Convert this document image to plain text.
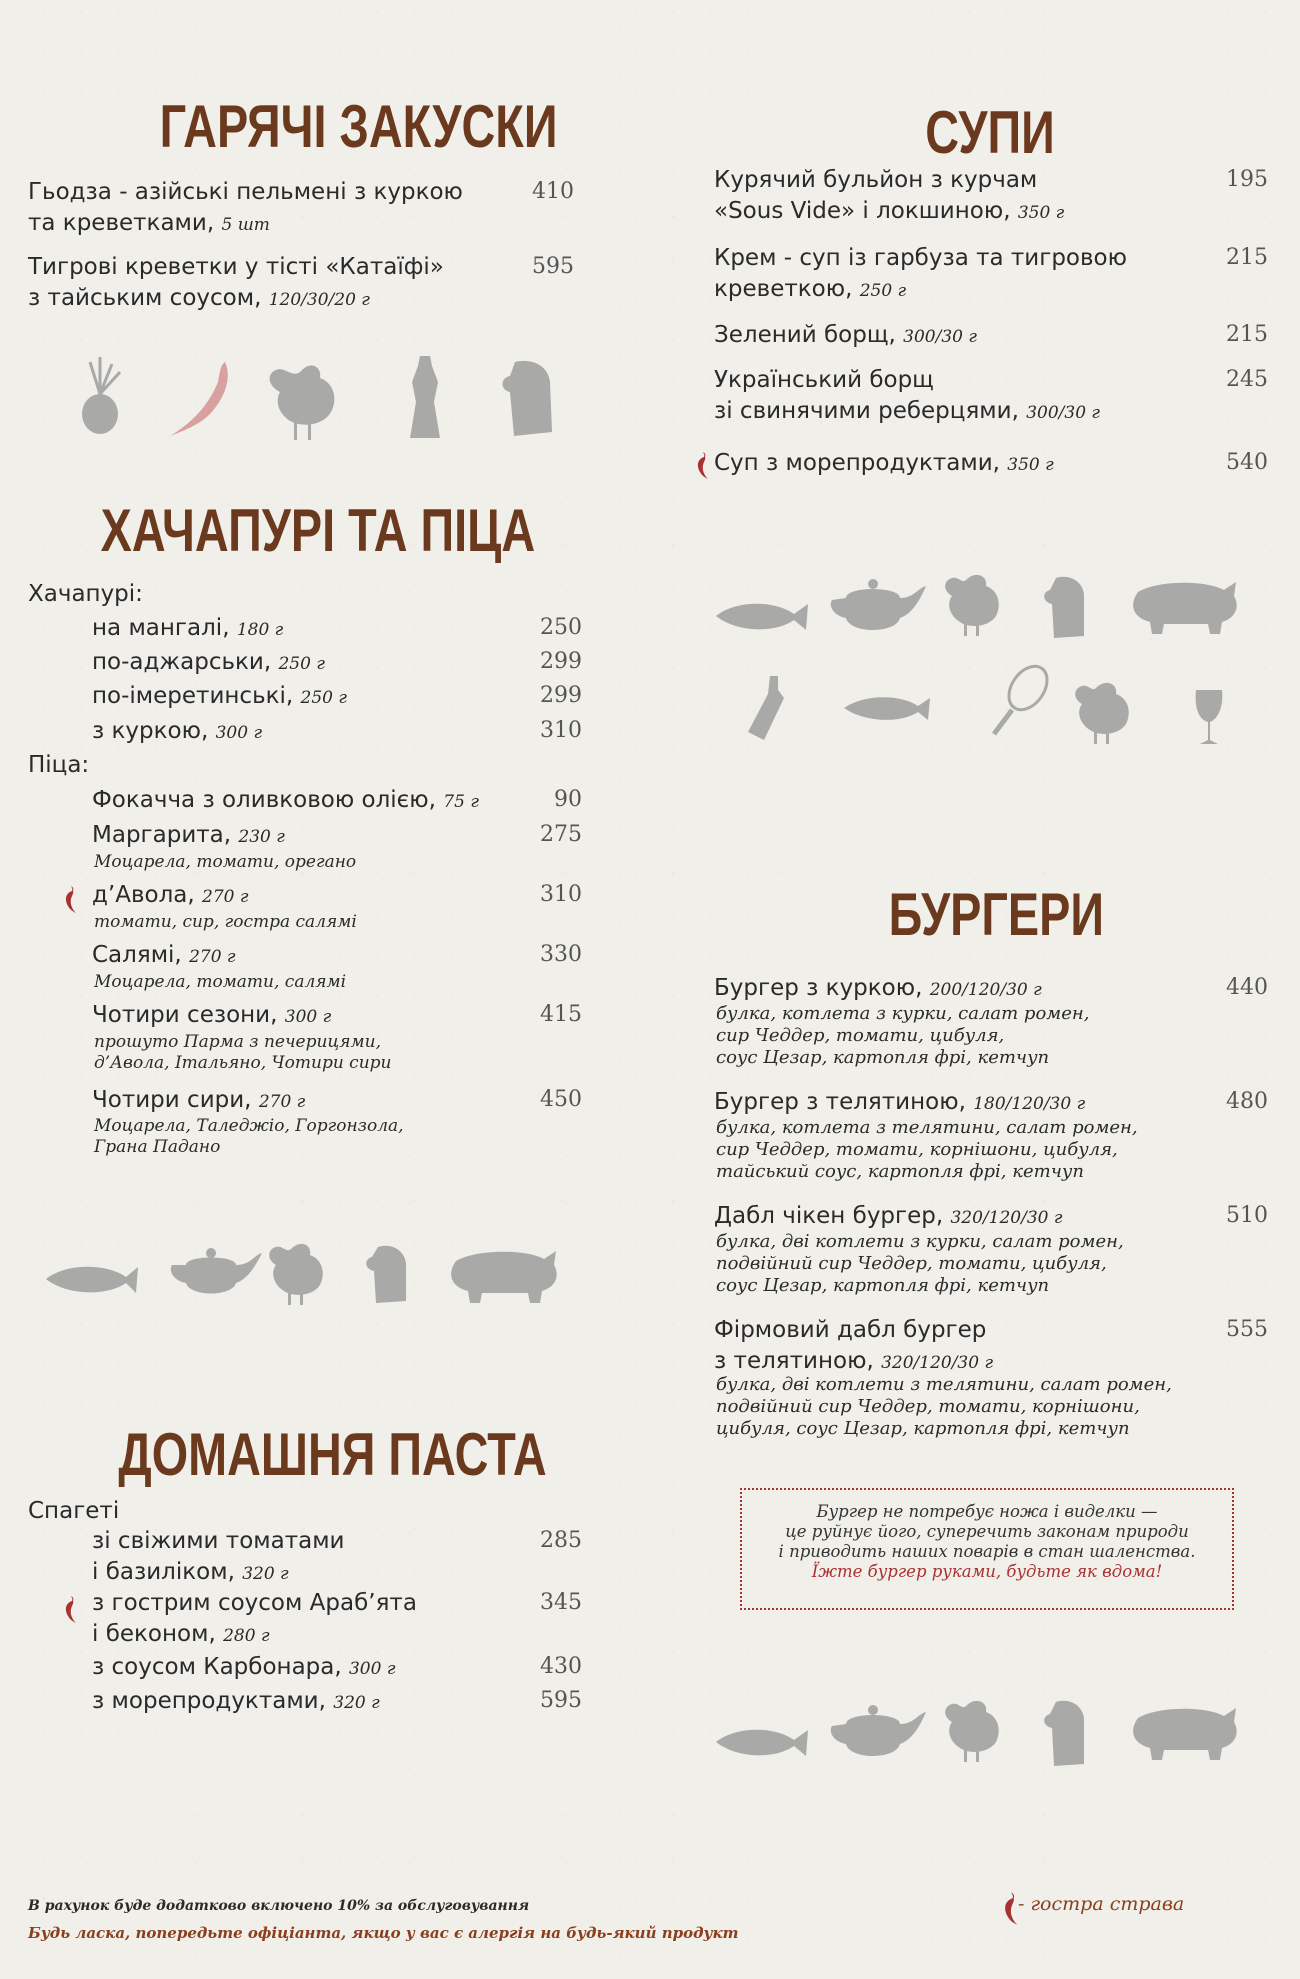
ГАРЯЧІ ЗАКУСКИ
Гьодза - азійські пельмені з куркою
та креветками, 5 шт
410
Тигрові креветки у тісті «Катаїфі»
з тайським соусом, 120/30/20 г
595
ХАЧАПУРІ ТА ПІЦА
Хачапурі:
на мангалі, 180 г	250
по-аджарськи, 250 г	299
по-імеретинські, 250 г	299
з куркою, 300 г	310
Піца:
Фокачча з оливковою олією, 75 г	90
Маргарита, 230 г	275
Моцарела, томати, орегано
д’Авола, 270 г	310
томати, сир, гостра салямі
Салямі, 270 г	330
Моцарела, томати, салямі
Чотири сезони, 300 г	415
прошуто Парма з печерицями,
д’Авола, Італьяно, Чотири сири
Чотири сири, 270 г	450
Моцарела, Таледжіо, Горгонзола,
Грана Падано
ДОМАШНЯ ПАСТА
Спагеті
зі свіжими томатами
і базиліком, 320 г
285
з гострим соусом Араб’ята
і беконом, 280 г
345
з соусом Карбонара, 300 г	430
з морепродуктами, 320 г	595
СУПИ
Курячий бульйон з курчам
«Sous Vide» і локшиною, 350 г
195
Крем - суп із гарбуза та тигровою
креветкою, 250 г
215
Зелений борщ, 300/30 г	215
Український борщ
зі свинячими реберцями, 300/30 г
245
Суп з морепродуктами, 350 г	540
БУРГЕРИ
Бургер з куркою, 200/120/30 г	440
булка, котлета з курки, салат ромен,
сир Чеддер, томати, цибуля,
соус Цезар, картопля фрі, кетчуп
Бургер з телятиною, 180/120/30 г	480
булка, котлета з телятини, салат ромен,
сир Чеддер, томати, корнішони, цибуля,
тайський соус, картопля фрі, кетчуп
Дабл чікен бургер, 320/120/30 г	510
булка, дві котлети з курки, салат ромен,
подвійний сир Чеддер, томати, цибуля,
соус Цезар, картопля фрі, кетчуп
Фірмовий дабл бургер
з телятиною, 320/120/30 г
555
булка, дві котлети з телятини, салат ромен,
подвійний сир Чеддер, томати, корнішони,
цибуля, соус Цезар, картопля фрі, кетчуп
Бургер не потребує ножа і виделки —
це руйнує його, суперечить законам природи
і приводить наших поварів в стан шаленства.
Їжте бургер руками, будьте як вдома!
В рахунок буде додатково включено 10% за обслуговування
Будь ласка, попередьте офіціанта, якщо у вас є алергія на будь-який продукт
- гостра страва
